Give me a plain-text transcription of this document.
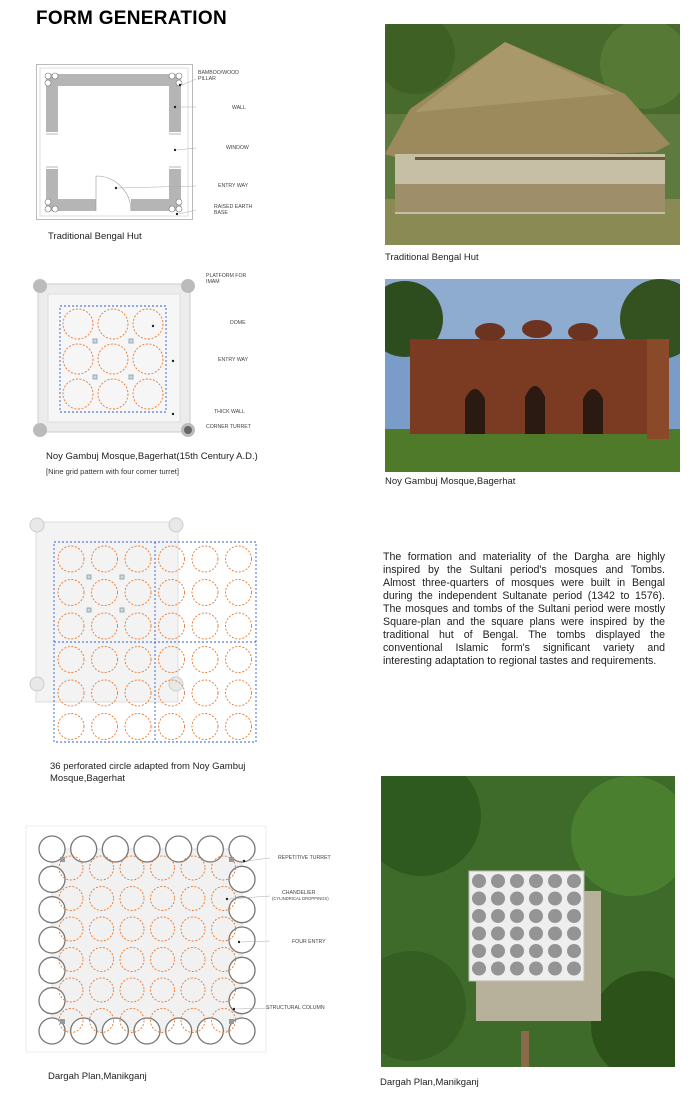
FORM GENERATION
BAMBOO/WOOD PILLAR
WALL
WINDOW
ENTRY WAY
RAISED EARTH BASE
Traditional Bengal Hut
Traditional Bengal Hut
PLATFORM FOR IMAM
DOME
ENTRY WAY
THICK WALL
CORNER TURRET
Noy Gambuj Mosque,Bagerhat(15th Century A.D.)
[Nine grid pattern with four corner turret]
Noy Gambuj Mosque,Bagerhat
36 perforated circle adapted from Noy Gambuj Mosque,Bagerhat
The formation and materiality of the Dargha are highly inspired by the Sultani period's mosques and Tombs. Almost three-quarters of mosques were built in Bengal during the independent Sultanate period (1342 to 1576). The mosques and tombs of the Sultani period were mostly Square-plan and the square plans were inspired by the traditional hut of Bengal. The tombs displayed the conventional Islamic form's significant variety and interesting adaptation to regional tastes and requirements.
REPETITIVE TURRET
CHANDELIER
(CYLINDRICAL DROPPINGS)
FOUR ENTRY
STRUCTURAL COLUMN
Dargah Plan,Manikganj
Dargah Plan,Manikganj
